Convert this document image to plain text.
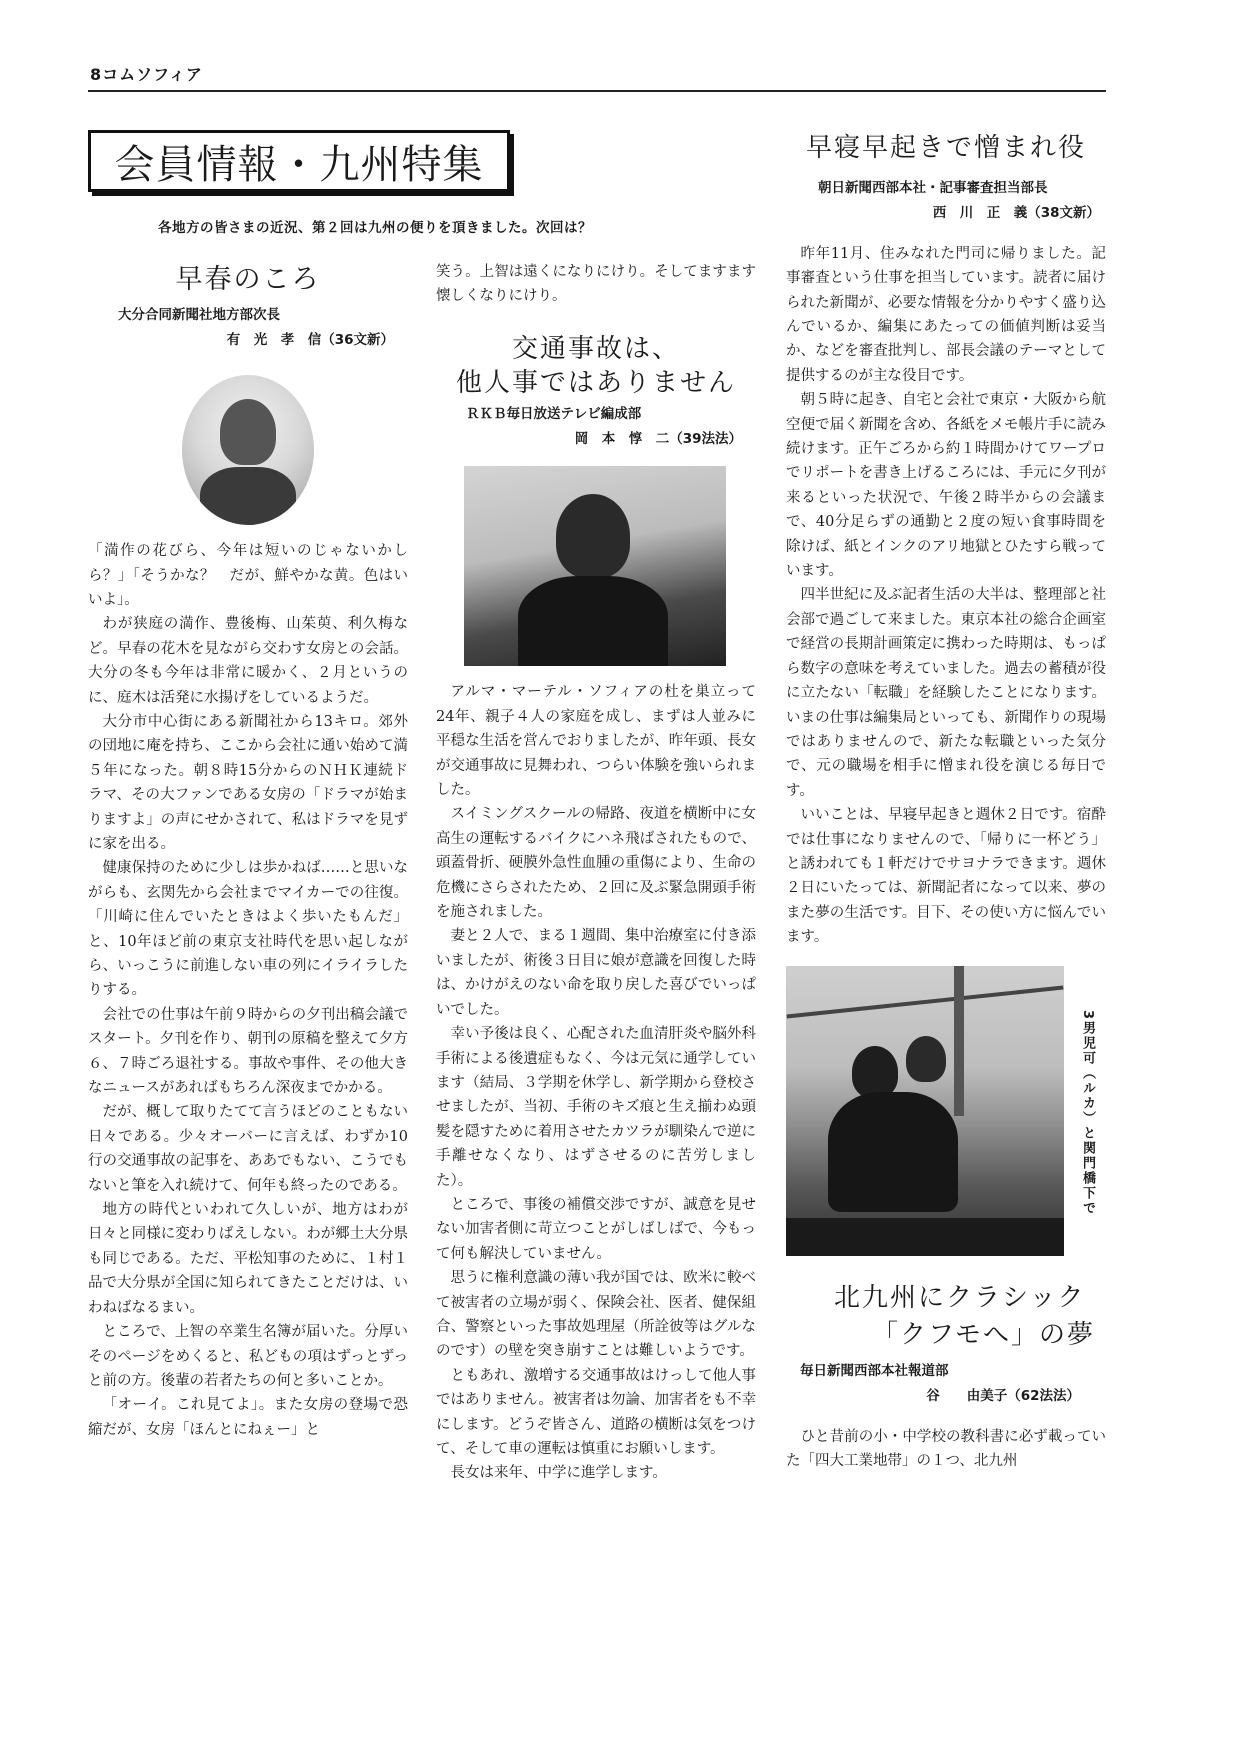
8コムソフィア
会員情報・九州特集
各地方の皆さまの近況、第２回は九州の便りを頂きました。次回は？
早春のころ
大分合同新聞社地方部次長
有　光　孝　信（36文新）

「満作の花びら、今年は短いのじゃないかしら？」「そうかな？　だが、鮮やかな黄。色はいいよ」。

わが狭庭の満作、豊後梅、山茱萸、利久梅など。早春の花木を見ながら交わす女房との会話。大分の冬も今年は非常に暖かく、２月というのに、庭木は活発に水揚げをしているようだ。

大分市中心街にある新聞社から13キロ。郊外の団地に庵を持ち、ここから会社に通い始めて満５年になった。朝８時15分からのＮＨＫ連続ドラマ、その大ファンである女房の「ドラマが始まりますよ」の声にせかされて、私はドラマを見ずに家を出る。

健康保持のために少しは歩かねば……と思いながらも、玄関先から会社までマイカーでの往復。「川崎に住んでいたときはよく歩いたもんだ」と、10年ほど前の東京支社時代を思い起しながら、いっこうに前進しない車の列にイライラしたりする。

会社での仕事は午前９時からの夕刊出稿会議でスタート。夕刊を作り、朝刊の原稿を整えて夕方６、７時ごろ退社する。事故や事件、その他大きなニュースがあればもちろん深夜までかかる。

だが、概して取りたてて言うほどのこともない日々である。少々オーバーに言えば、わずか10行の交通事故の記事を、ああでもない、こうでもないと筆を入れ続けて、何年も終ったのである。

地方の時代といわれて久しいが、地方はわが日々と同様に変わりばえしない。わが郷土大分県も同じである。ただ、平松知事のために、１村１品で大分県が全国に知られてきたことだけは、いわねばなるまい。

ところで、上智の卒業生名簿が届いた。分厚いそのページをめくると、私どもの項はずっとずっと前の方。後輩の若者たちの何と多いことか。

「オーイ。これ見てよ」。また女房の登場で恐縮だが、女房「ほんとにねぇー」と

笑う。上智は遠くになりにけり。そしてますます懐しくなりにけり。

交通事故は、
他人事ではありません
ＲＫＢ毎日放送テレビ編成部
岡　本　惇　二（39法法）

アルマ・マーテル・ソフィアの杜を巣立って24年、親子４人の家庭を成し、まずは人並みに平穏な生活を営んでおりましたが、昨年頭、長女が交通事故に見舞われ、つらい体験を強いられました。

スイミングスクールの帰路、夜道を横断中に女高生の運転するバイクにハネ飛ばされたもので、頭蓋骨折、硬膜外急性血腫の重傷により、生命の危機にさらされたため、２回に及ぶ緊急開頭手術を施されました。

妻と２人で、まる１週間、集中治療室に付き添いましたが、術後３日目に娘が意識を回復した時は、かけがえのない命を取り戻した喜びでいっぱいでした。

幸い予後は良く、心配された血清肝炎や脳外科手術による後遺症もなく、今は元気に通学しています（結局、３学期を休学し、新学期から登校させましたが、当初、手術のキズ痕と生え揃わぬ頭髪を隠すために着用させたカツラが馴染んで逆に手離せなくなり、はずさせるのに苦労しました）。

ところで、事後の補償交渉ですが、誠意を見せない加害者側に苛立つことがしばしばで、今もって何も解決していません。

思うに権利意識の薄い我が国では、欧米に較べて被害者の立場が弱く、保険会社、医者、健保組合、警察といった事故処理屋（所詮彼等はグルなのです）の壁を突き崩すことは難しいようです。

ともあれ、激増する交通事故はけっして他人事ではありません。被害者は勿論、加害者をも不幸にします。どうぞ皆さん、道路の横断は気をつけて、そして車の運転は慎重にお願いします。

長女は来年、中学に進学します。

早寝早起きで憎まれ役
朝日新聞西部本社・記事審査担当部長
西　川　正　義（38文新）

昨年11月、住みなれた門司に帰りました。記事審査という仕事を担当しています。読者に届けられた新聞が、必要な情報を分かりやすく盛り込んでいるか、編集にあたっての価値判断は妥当か、などを審査批判し、部長会議のテーマとして提供するのが主な役目です。

朝５時に起き、自宅と会社で東京・大阪から航空便で届く新聞を含め、各紙をメモ帳片手に読み続けます。正午ごろから約１時間かけてワープロでリポートを書き上げるころには、手元に夕刊が来るといった状況で、午後２時半からの会議まで、40分足らずの通勤と２度の短い食事時間を除けば、紙とインクのアリ地獄とひたすら戦っています。

四半世紀に及ぶ記者生活の大半は、整理部と社会部で過ごして来ました。東京本社の総合企画室で経営の長期計画策定に携わった時期は、もっぱら数字の意味を考えていました。過去の蓄積が役に立たない「転職」を経験したことになります。いまの仕事は編集局といっても、新聞作りの現場ではありませんので、新たな転職といった気分で、元の職場を相手に憎まれ役を演じる毎日です。

いいことは、早寝早起きと週休２日です。宿酔では仕事になりませんので、「帰りに一杯どう」と誘われても１軒だけでサヨナラできます。週休２日にいたっては、新聞記者になって以来、夢のまた夢の生活です。目下、その使い方に悩んでいます。

3男児可（ルカ）と関門橋下で
北九州にクラシック
「クフモへ」の夢
毎日新聞西部本社報道部
谷　　由美子（62法法）

ひと昔前の小・中学校の教科書に必ず載っていた「四大工業地帯」の１つ、北九州
